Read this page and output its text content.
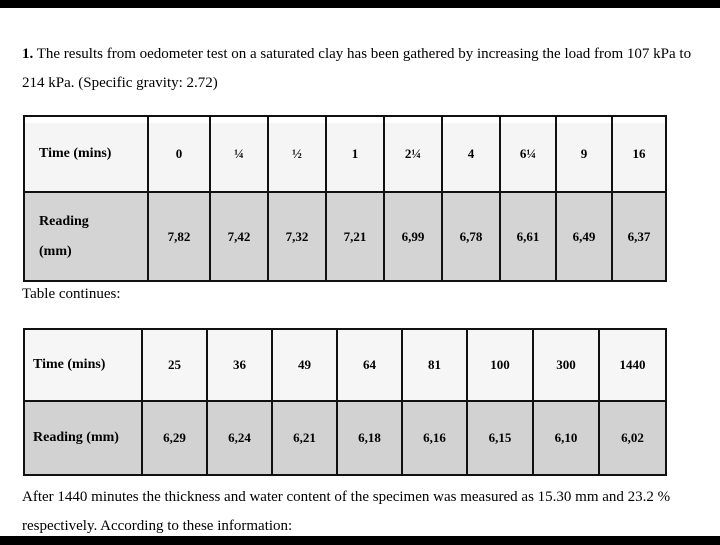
1. The results from oedometer test on a saturated clay has been gathered by increasing the load from 107 kPa to 214 kPa. (Specific gravity: 2.72)

Time (mins)	0	¼	½	1	2¼	4	6¼	9	16

Reading (mm)	7,82	7,42	7,32	7,21	6,99	6,78	6,61	6,49	6,37

Table continues:

Time (mins)	25	36	49	64	81	100	300	1440
Reading (mm)	6,29	6,24	6,21	6,18	6,16	6,15	6,10	6,02

After 1440 minutes the thickness and water content of the specimen was measured as 15.30 mm and 23.2 % respectively. According to these information:
